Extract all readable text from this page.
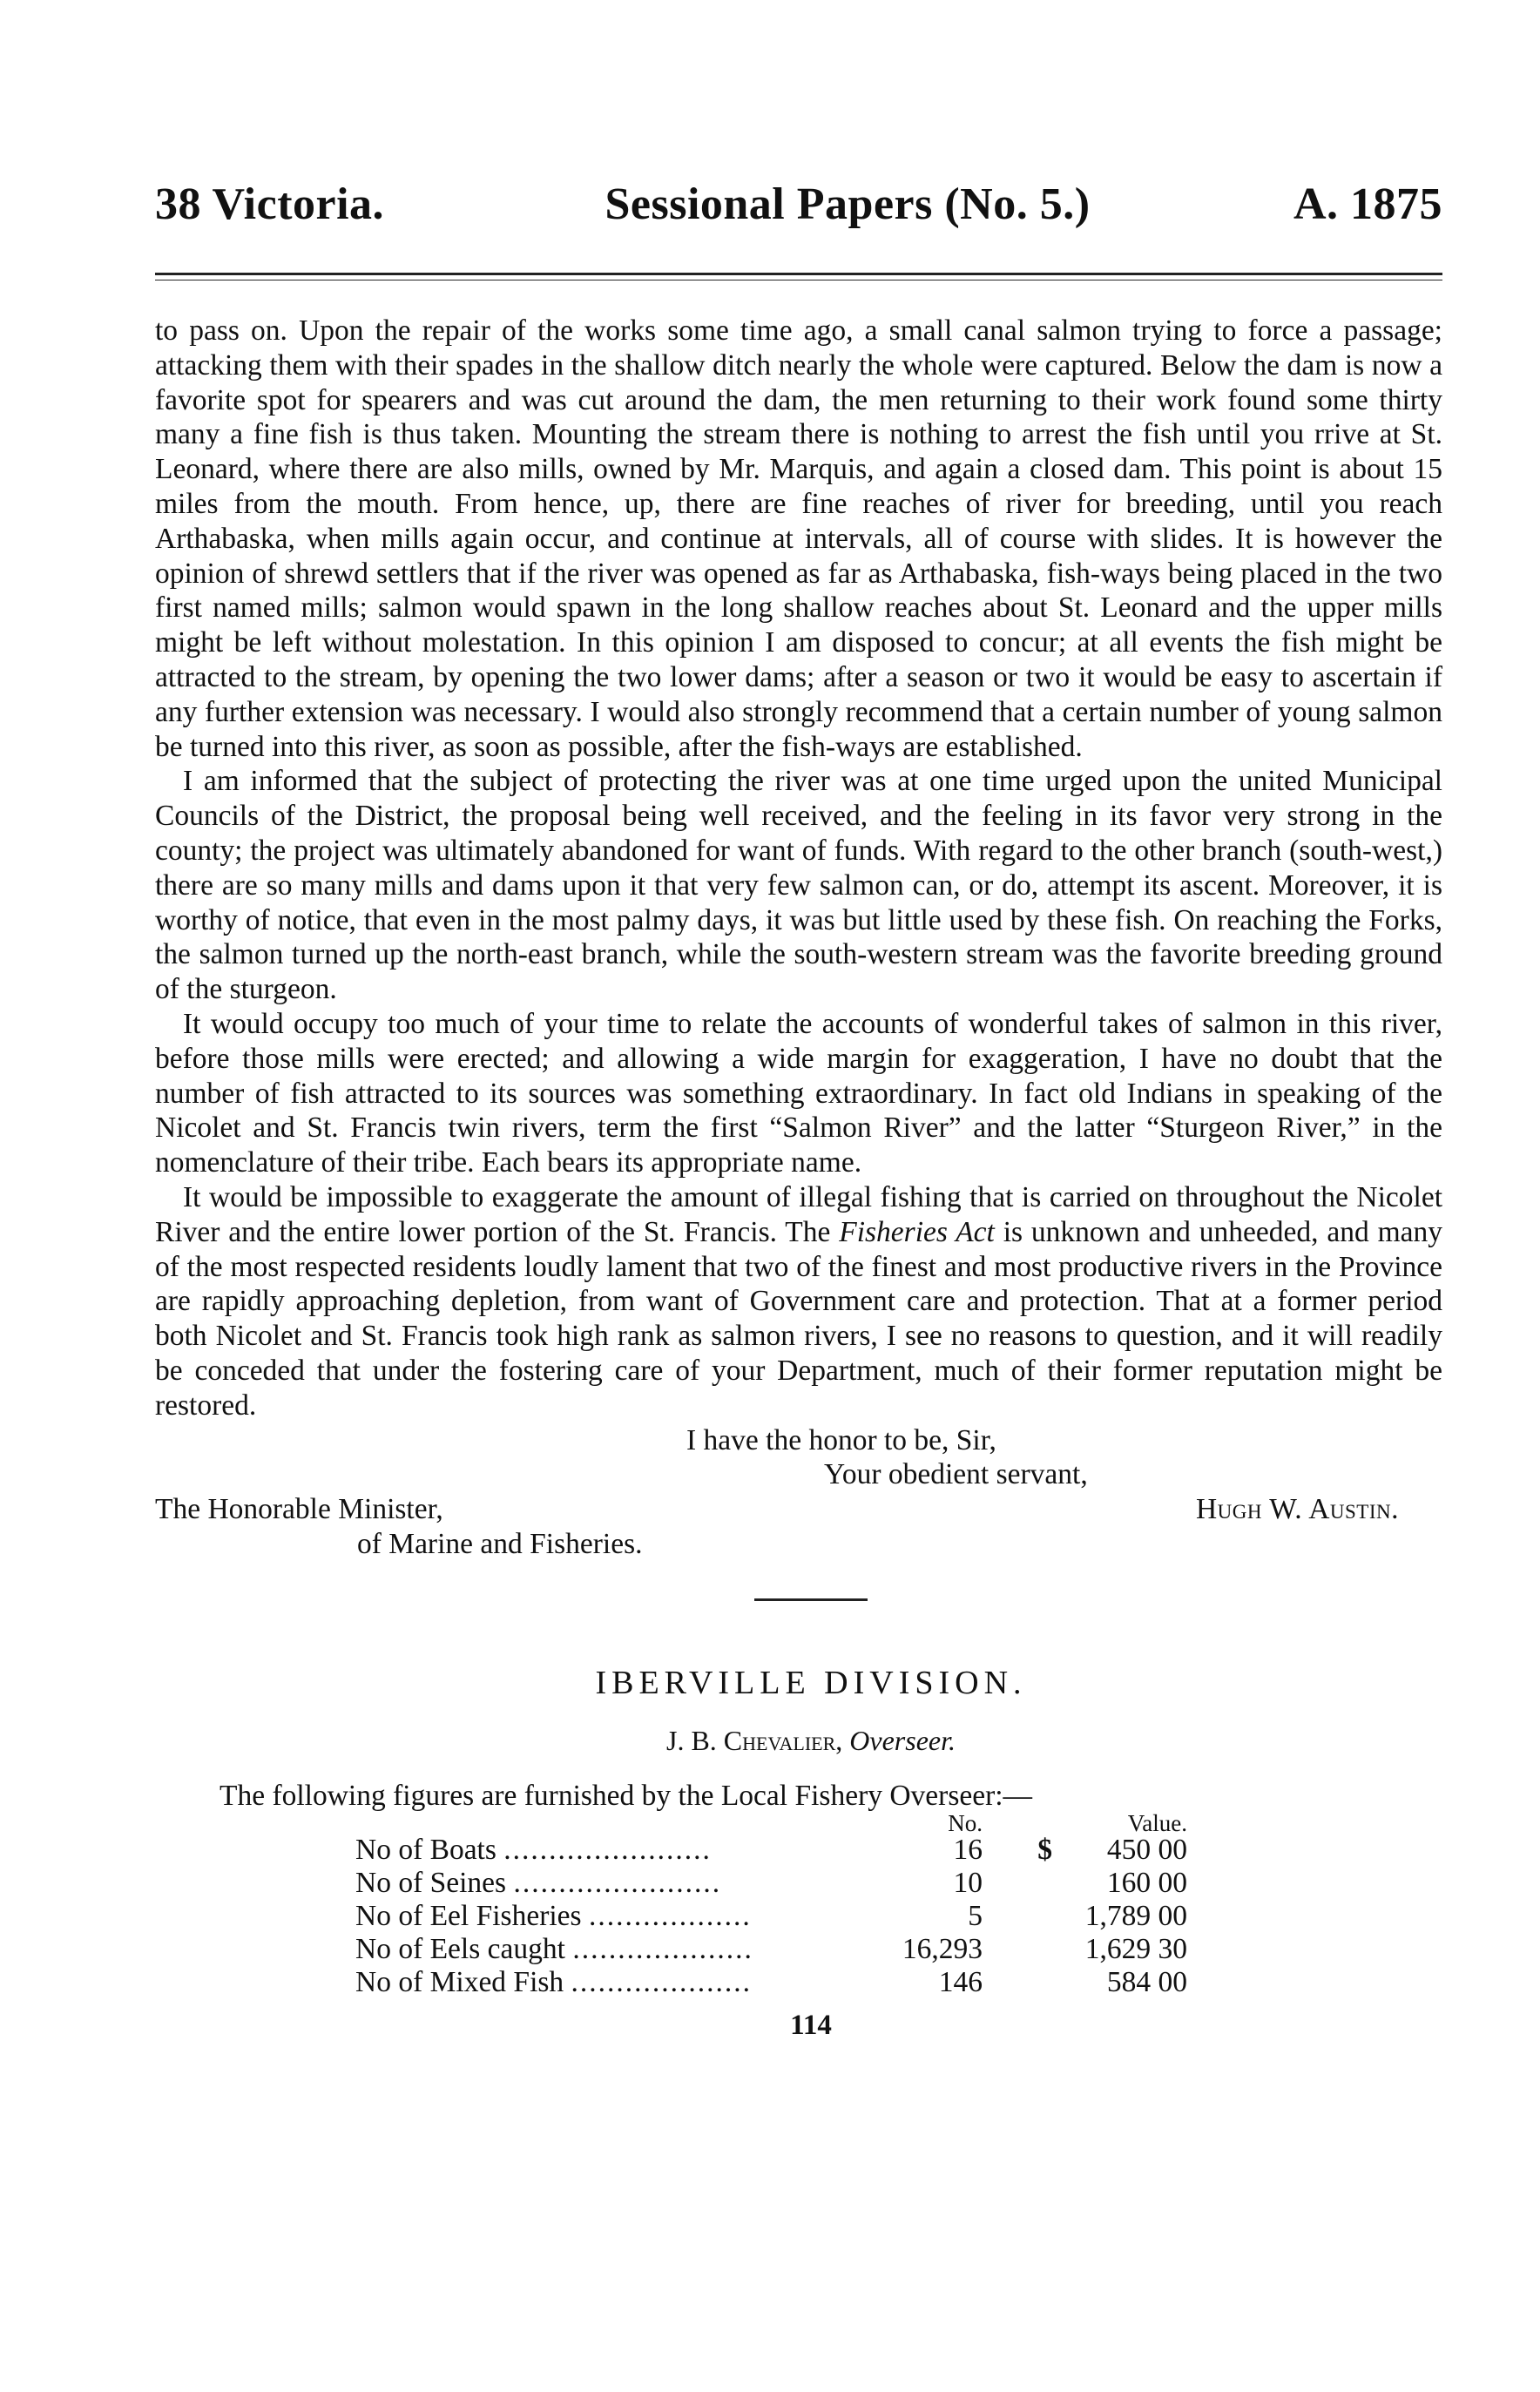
38 Victoria.	Sessional Papers (No. 5.)	A. 1875

to pass on. Upon the repair of the works some time ago, a small canal salmon trying to force a passage; attacking them with their spades in the shallow ditch nearly the whole were captured. Below the dam is now a favorite spot for spearers and was cut around the dam, the men returning to their work found some thirty many a fine fish is thus taken. Mounting the stream there is nothing to arrest the fish until you rrive at St. Leonard, where there are also mills, owned by Mr. Marquis, and again a closed dam. This point is about 15 miles from the mouth. From hence, up, there are fine reaches of river for breeding, until you reach Arthabaska, when mills again occur, and continue at intervals, all of course with slides. It is however the opinion of shrewd settlers that if the river was opened as far as Arthabaska, fish-ways being placed in the two first named mills; salmon would spawn in the long shallow reaches about St. Leonard and the upper mills might be left without molestation. In this opinion I am disposed to concur; at all events the fish might be attracted to the stream, by opening the two lower dams; after a season or two it would be easy to ascertain if any further extension was necessary. I would also strongly recommend that a certain number of young salmon be turned into this river, as soon as possible, after the fish-ways are established.

I am informed that the subject of protecting the river was at one time urged upon the united Municipal Councils of the District, the proposal being well received, and the feeling in its favor very strong in the county; the project was ultimately abandoned for want of funds. With regard to the other branch (south-west,) there are so many mills and dams upon it that very few salmon can, or do, attempt its ascent. Moreover, it is worthy of notice, that even in the most palmy days, it was but little used by these fish. On reaching the Forks, the salmon turned up the north-east branch, while the south-western stream was the favorite breeding ground of the sturgeon.

It would occupy too much of your time to relate the accounts of wonderful takes of salmon in this river, before those mills were erected; and allowing a wide margin for exaggeration, I have no doubt that the number of fish attracted to its sources was something extraordinary. In fact old Indians in speaking of the Nicolet and St. Francis twin rivers, term the first “Salmon River” and the latter “Sturgeon River,” in the nomenclature of their tribe. Each bears its appropriate name.

It would be impossible to exaggerate the amount of illegal fishing that is carried on throughout the Nicolet River and the entire lower portion of the St. Francis. The Fisheries Act is unknown and unheeded, and many of the most respected residents loudly lament that two of the finest and most productive rivers in the Province are rapidly approaching depletion, from want of Government care and protection. That at a former period both Nicolet and St. Francis took high rank as salmon rivers, I see no reasons to question, and it will readily be conceded that under the fostering care of your Department, much of their former reputation might be restored.

I have the honor to be, Sir,
Your obedient servant,
The Honorable Minister,	Hugh W. Austin.
of Marine and Fisheries.
IBERVILLE DIVISION.
J. B. Chevalier, Overseer.
The following figures are furnished by the Local Fishery Overseer:—
	No.		Value.
No of Boats .......................	16	$	450 00
No of Seines .......................	10		160 00
No of Eel Fisheries ..................	5		1,789 00
No of Eels caught ....................	16,293		1,629 30
No of Mixed Fish ....................	146		584 00
114
